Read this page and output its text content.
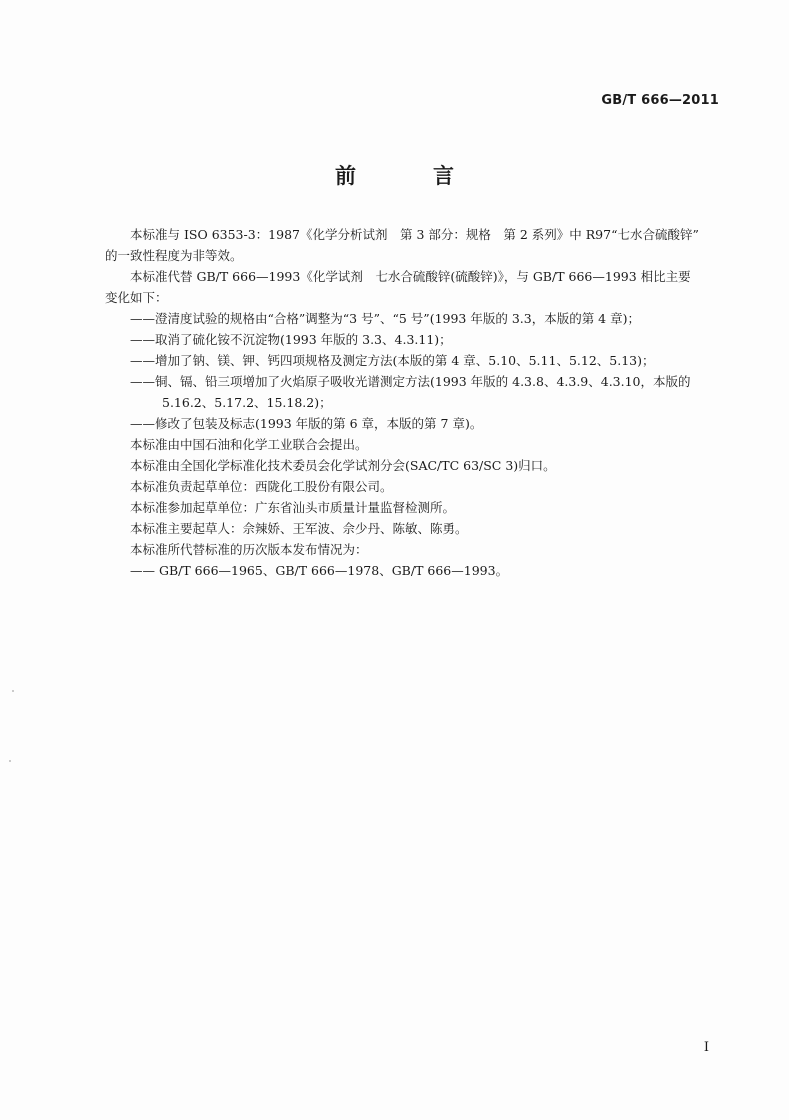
GB/T 666—2011
前　言

本标准与 ISO 6353-3：1987《化学分析试剂　第 3 部分：规格　第 2 系列》中 R97“七水合硫酸锌”

的一致性程度为非等效。

本标准代替 GB/T 666—1993《化学试剂　七水合硫酸锌(硫酸锌)》，与 GB/T 666—1993 相比主要

变化如下：

——澄清度试验的规格由“合格”调整为“3 号”、“5 号”(1993 年版的 3.3，本版的第 4 章)；

——取消了硫化铵不沉淀物(1993 年版的 3.3、4.3.11)；

——增加了钠、镁、钾、钙四项规格及测定方法(本版的第 4 章、5.10、5.11、5.12、5.13)；

——铜、镉、铅三项增加了火焰原子吸收光谱测定方法(1993 年版的 4.3.8、4.3.9、4.3.10，本版的

5.16.2、5.17.2、15.18.2)；

——修改了包装及标志(1993 年版的第 6 章，本版的第 7 章)。

本标准由中国石油和化学工业联合会提出。

本标准由全国化学标准化技术委员会化学试剂分会(SAC/TC 63/SC 3)归口。

本标准负责起草单位：西陇化工股份有限公司。

本标准参加起草单位：广东省汕头市质量计量监督检测所。

本标准主要起草人：佘辣娇、王军波、佘少丹、陈敏、陈勇。

本标准所代替标准的历次版本发布情况为：

—— GB/T 666—1965、GB/T 666—1978、GB/T 666—1993。

I
